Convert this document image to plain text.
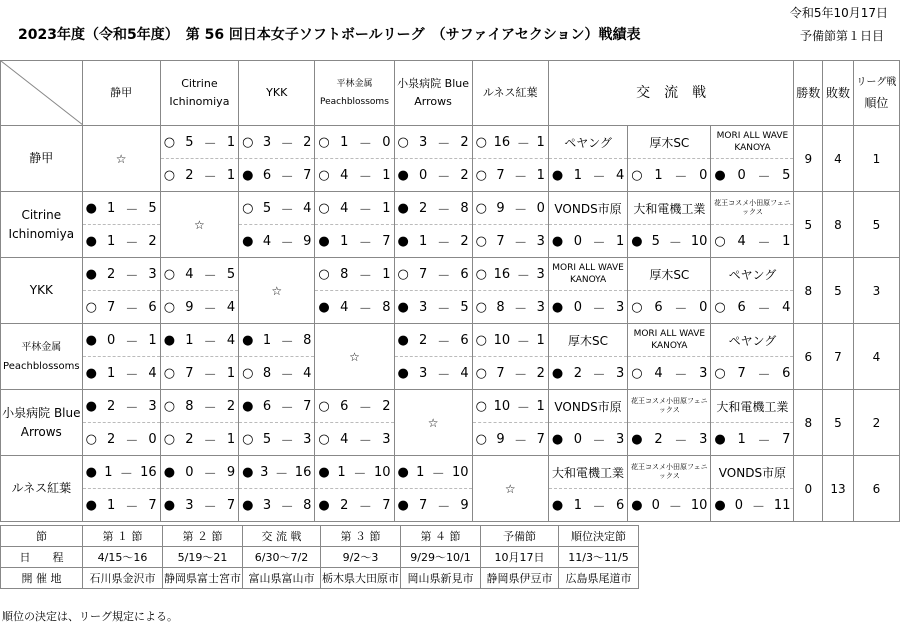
2023年度（令和5年度）　第 56 回日本女子ソフトボールリーグ　（サファイアセクション）戦績表
令和5年10月17日
予備節第１日目
	静甲	Citrine Ichinomiya	YKK	平林金属 Peachblossoms	小泉病院 Blue Arrows	ルネス紅葉	交　流　戦			勝数	敗数	リーグ戦
順位

静甲	☆	○ 5 － 1	○ 3 － 2	○ 1 － 0	○ 3 － 2	○ 16 － 1	ペヤング	厚木SC	MORI ALL WAVE KANOYA	9	4	1

		○ 2 － 1	● 6 － 7	○ 4 － 1	● 0 － 2	○ 7 － 1	● 1 － 4	○ 1 － 0	● 0 － 5			

Citrine Ichinomiya	● 1 － 5	☆	○ 5 － 4	○ 4 － 1	● 2 － 8	○ 9 － 0	VONDS市原	大和電機工業	花王コスメ小田原フェニックス	5	8	5

	● 1 － 2		● 4 － 9	● 1 － 7	● 1 － 2	○ 7 － 3	● 0 － 1	● 5 － 10	○ 4 － 1			

YKK	● 2 － 3	○ 4 － 5	☆	○ 8 － 1	○ 7 － 6	○ 16 － 3	MORI ALL WAVE KANOYA	厚木SC	ペヤング	8	5	3

	○ 7 － 6	○ 9 － 4		● 4 － 8	● 3 － 5	○ 8 － 3	● 0 － 3	○ 6 － 0	○ 6 － 4			

平林金属 Peachblossoms	● 0 － 1	● 1 － 4	● 1 － 8	☆	● 2 － 6	○ 10 － 1	厚木SC	MORI ALL WAVE KANOYA	ペヤング	6	7	4

	● 1 － 4	○ 7 － 1	○ 8 － 4		● 3 － 4	○ 7 － 2	● 2 － 3	○ 4 － 3	○ 7 － 6			

小泉病院 Blue Arrows	● 2 － 3	○ 8 － 2	● 6 － 7	○ 6 － 2	☆	○ 10 － 1	VONDS市原	花王コスメ小田原フェニックス	大和電機工業	8	5	2

	○ 2 － 0	○ 2 － 1	○ 5 － 3	○ 4 － 3		○ 9 － 7	● 0 － 3	● 2 － 3	● 1 － 7			

ルネス紅葉	● 1 － 16	● 0 － 9	● 3 － 16	● 1 － 10	● 1 － 10	☆	大和電機工業	花王コスメ小田原フェニックス	VONDS市原	0	13	6

	● 1 － 7	● 3 － 7	● 3 － 8	● 2 － 7	● 7 － 9		● 1 － 6	● 0 － 10	● 0 － 11			
節	第 １ 節	第 ２ 節	交 流 戦	第 ３ 節	第 ４ 節	予備節	順位決定節
日　　程	4/15～16	5/19～21	6/30～7/2	9/2～3	9/29～10/1	10月17日	11/3～11/5
開 催 地	石川県金沢市	静岡県富士宮市	富山県富山市	栃木県大田原市	岡山県新見市	静岡県伊豆市	広島県尾道市
順位の決定は、リーグ規定による。
